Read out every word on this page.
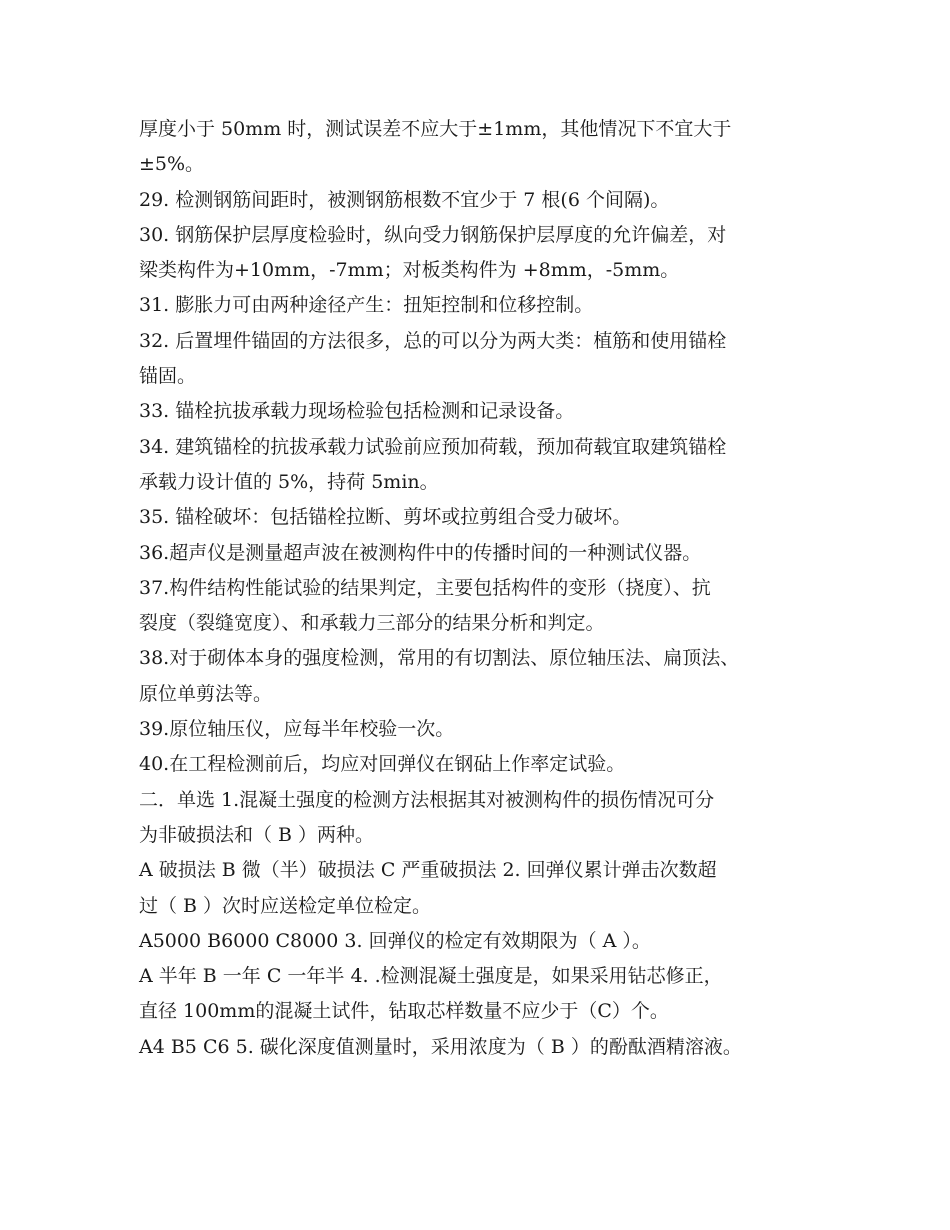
厚度小于 50mm 时，测试误差不应大于±1mm，其他情况下不宜大于
±5%。
29. 检测钢筋间距时，被测钢筋根数不宜少于 7 根(6 个间隔)。
30. 钢筋保护层厚度检验时，纵向受力钢筋保护层厚度的允许偏差，对
梁类构件为+10mm，-7mm；对板类构件为 +8mm，-5mm。
31. 膨胀力可由两种途径产生：扭矩控制和位移控制。
32. 后置埋件锚固的方法很多，总的可以分为两大类：植筋和使用锚栓
锚固。
33. 锚栓抗拔承载力现场检验包括检测和记录设备。
34. 建筑锚栓的抗拔承载力试验前应预加荷载，预加荷载宜取建筑锚栓
承载力设计值的 5%，持荷 5min。
35. 锚栓破坏：包括锚栓拉断、剪坏或拉剪组合受力破坏。
36.超声仪是测量超声波在被测构件中的传播时间的一种测试仪器。
37.构件结构性能试验的结果判定，主要包括构件的变形（挠度）、抗
裂度（裂缝宽度）、和承载力三部分的结果分析和判定。
38.对于砌体本身的强度检测，常用的有切割法、原位轴压法、扁顶法、
原位单剪法等。
39.原位轴压仪，应每半年校验一次。
40.在工程检测前后，均应对回弹仪在钢砧上作率定试验。
二．单选 1.混凝土强度的检测方法根据其对被测构件的损伤情况可分
为非破损法和（ B ）两种。
A 破损法 B 微（半）破损法 C 严重破损法 2. 回弹仪累计弹击次数超
过（ B ）次时应送检定单位检定。
A5000 B6000 C8000 3. 回弹仪的检定有效期限为（ A ）。
A 半年 B 一年 C 一年半 4. .检测混凝土强度是，如果采用钻芯修正，
直径 100mm的混凝土试件，钻取芯样数量不应少于（C）个。
A4 B5 C6 5. 碳化深度值测量时，采用浓度为（ B ）的酚酞酒精溶液。
